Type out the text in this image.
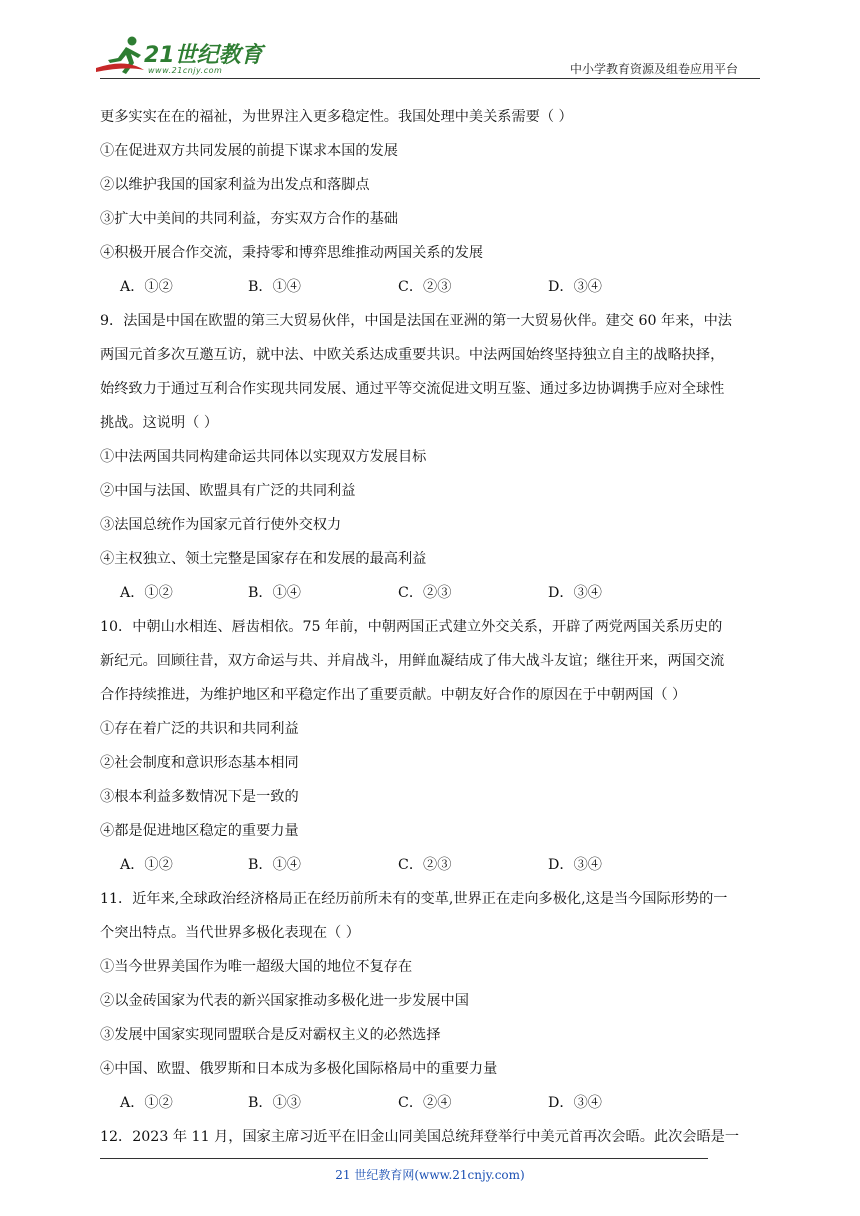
21世纪教育
www.21cnjy.com	中小学教育资源及组卷应用平台
更多实实在在的福祉，为世界注入更多稳定性。我国处理中美关系需要（ ）
①在促进双方共同发展的前提下谋求本国的发展
②以维护我国的国家利益为出发点和落脚点
③扩大中美间的共同利益，夯实双方合作的基础
④积极开展合作交流，秉持零和博弈思维推动两国关系的发展
A．①②	B．①④	C．②③	D．③④
9．法国是中国在欧盟的第三大贸易伙伴，中国是法国在亚洲的第一大贸易伙伴。建交 60 年来，中法
两国元首多次互邀互访，就中法、中欧关系达成重要共识。中法两国始终坚持独立自主的战略抉择，
始终致力于通过互利合作实现共同发展、通过平等交流促进文明互鉴、通过多边协调携手应对全球性
挑战。这说明（ ）
①中法两国共同构建命运共同体以实现双方发展目标
②中国与法国、欧盟具有广泛的共同利益
③法国总统作为国家元首行使外交权力
④主权独立、领土完整是国家存在和发展的最高利益
A．①②	B．①④	C．②③	D．③④
10．中朝山水相连、唇齿相依。75 年前，中朝两国正式建立外交关系，开辟了两党两国关系历史的
新纪元。回顾往昔，双方命运与共、并肩战斗，用鲜血凝结成了伟大战斗友谊；继往开来，两国交流
合作持续推进，为维护地区和平稳定作出了重要贡献。中朝友好合作的原因在于中朝两国（ ）
①存在着广泛的共识和共同利益
②社会制度和意识形态基本相同
③根本利益多数情况下是一致的
④都是促进地区稳定的重要力量
A．①②	B．①④	C．②③	D．③④
11．近年来,全球政治经济格局正在经历前所未有的变革,世界正在走向多极化,这是当今国际形势的一
个突出特点。当代世界多极化表现在（ ）
①当今世界美国作为唯一超级大国的地位不复存在
②以金砖国家为代表的新兴国家推动多极化进一步发展中国
③发展中国家实现同盟联合是反对霸权主义的必然选择
④中国、欧盟、俄罗斯和日本成为多极化国际格局中的重要力量
A．①②	B．①③	C．②④	D．③④
12．2023 年 11 月，国家主席习近平在旧金山同美国总统拜登举行中美元首再次会晤。此次会晤是一
21 世纪教育网(www.21cnjy.com)
